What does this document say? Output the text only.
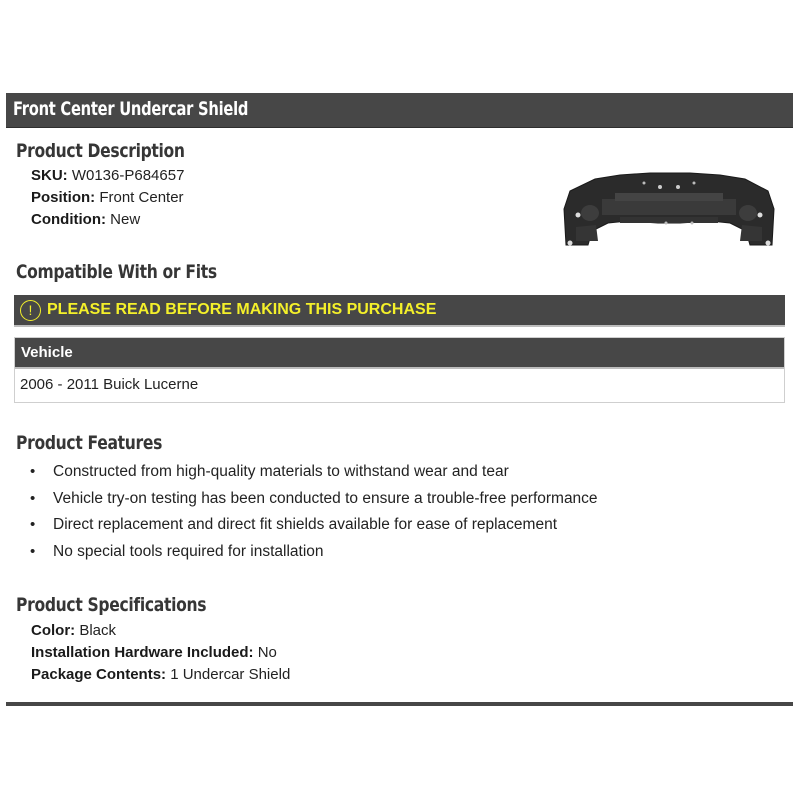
Front Center Undercar Shield
Product Description
SKU: W0136-P684657
Position: Front Center
Condition: New
Compatible With or Fits
! PLEASE READ BEFORE MAKING THIS PURCHASE
Vehicle
2006 - 2011 Buick Lucerne
Product Features
• Constructed from high-quality materials to withstand wear and tear
• Vehicle try-on testing has been conducted to ensure a trouble-free performance
• Direct replacement and direct fit shields available for ease of replacement
• No special tools required for installation
Product Specifications
Color: Black
Installation Hardware Included: No
Package Contents: 1 Undercar Shield
